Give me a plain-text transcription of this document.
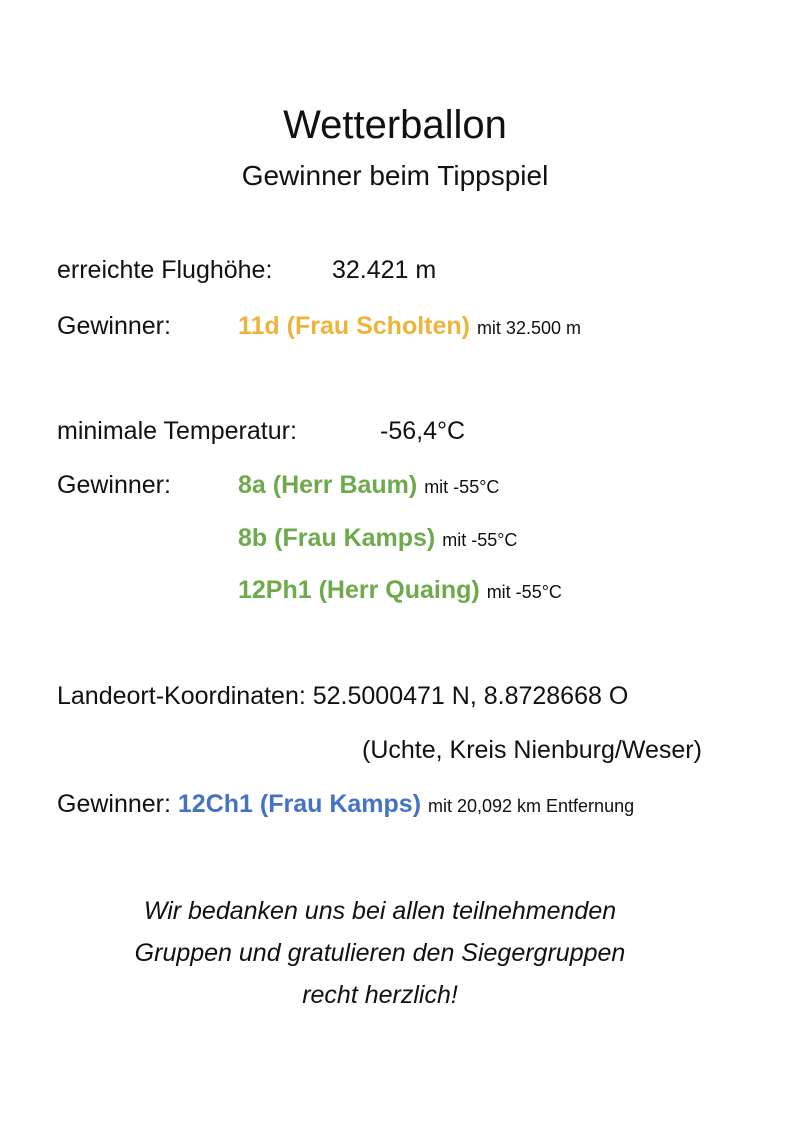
Wetterballon
Gewinner beim Tippspiel
erreichte Flughöhe: 32.421 m
Gewinner:	11d (Frau Scholten) mit 32.500 m
minimale Temperatur:	-56,4°C
Gewinner:	8a (Herr Baum) mit -55°C
8b (Frau Kamps) mit -55°C
12Ph1 (Herr Quaing) mit -55°C
Landeort-Koordinaten: 52.5000471 N, 8.8728668 O
(Uchte, Kreis Nienburg/Weser)
Gewinner: 12Ch1 (Frau Kamps) mit 20,092 km Entfernung
Wir bedanken uns bei allen teilnehmenden
Gruppen und gratulieren den Siegergruppen
recht herzlich!
